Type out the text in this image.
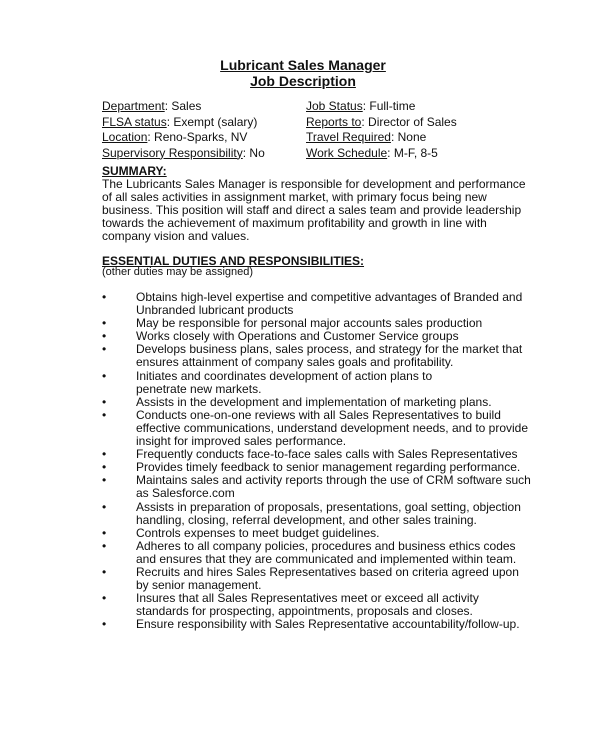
Lubricant Sales Manager
Job Description
Department: Sales
FLSA status: Exempt (salary)
Location: Reno-Sparks, NV
Supervisory Responsibility: No
Job Status: Full-time
Reports to: Director of Sales
Travel Required: None
Work Schedule: M-F, 8-5
SUMMARY:
The Lubricants Sales Manager is responsible for development and performance
of all sales activities in assignment market, with primary focus being new
business. This position will staff and direct a sales team and provide leadership
towards the achievement of maximum profitability and growth in line with
company vision and values.
ESSENTIAL DUTIES AND RESPONSIBILITIES:
(other duties may be assigned)
• Obtains high-level expertise and competitive advantages of Branded and
Unbranded lubricant products
• May be responsible for personal major accounts sales production
• Works closely with Operations and Customer Service groups
• Develops business plans, sales process, and strategy for the market that
ensures attainment of company sales goals and profitability.
• Initiates and coordinates development of action plans to
penetrate new markets.
• Assists in the development and implementation of marketing plans.
• Conducts one-on-one reviews with all Sales Representatives to build
effective communications, understand development needs, and to provide
insight for improved sales performance.
• Frequently conducts face-to-face sales calls with Sales Representatives
• Provides timely feedback to senior management regarding performance.
• Maintains sales and activity reports through the use of CRM software such
as Salesforce.com
• Assists in preparation of proposals, presentations, goal setting, objection
handling, closing, referral development, and other sales training.
• Controls expenses to meet budget guidelines.
• Adheres to all company policies, procedures and business ethics codes
and ensures that they are communicated and implemented within team.
• Recruits and hires Sales Representatives based on criteria agreed upon
by senior management.
• Insures that all Sales Representatives meet or exceed all activity
standards for prospecting, appointments, proposals and closes.
• Ensure responsibility with Sales Representative accountability/follow-up.
